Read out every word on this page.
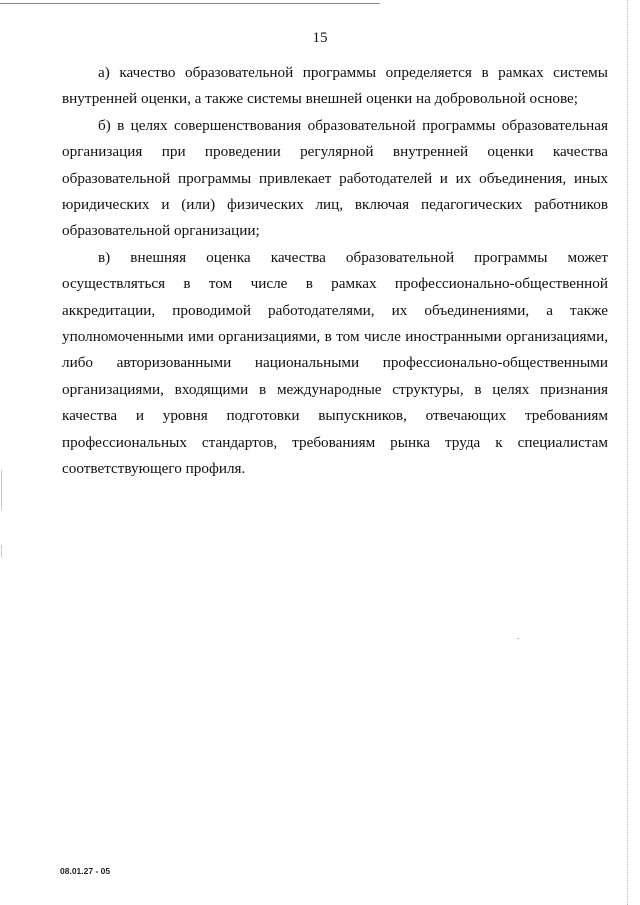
15

а) качество образовательной программы определяется в рамках системы внутренней оценки, а также системы внешней оценки на добровольной основе;

б) в целях совершенствования образовательной программы образовательная организация при проведении регулярной внутренней оценки качества образовательной программы привлекает работодателей и их объединения, иных юридических и (или) физических лиц, включая педагогических работников образовательной организации;

в) внешняя оценка качества образовательной программы может осуществляться в том числе в рамках профессионально-общественной аккредитации, проводимой работодателями, их объединениями, а также уполномоченными ими организациями, в том числе иностранными организациями, либо авторизованными национальными профессионально-общественными организациями, входящими в международные структуры, в целях признания качества и уровня подготовки выпускников, отвечающих требованиям профессиональных стандартов, требованиям рынка труда к специалистам соответствующего профиля.

08.01.27 - 05
